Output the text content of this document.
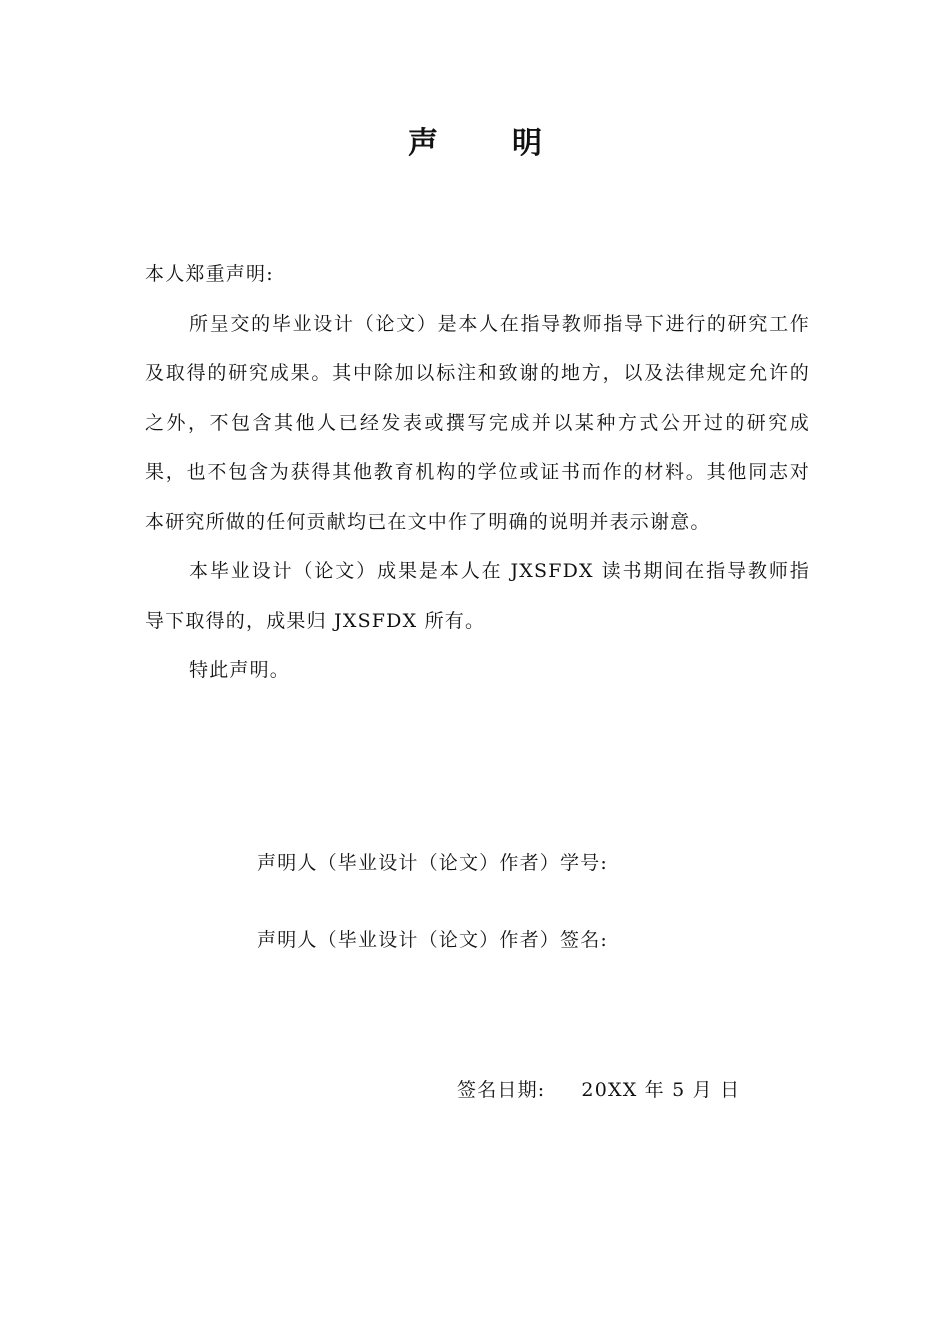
声 明

本人郑重声明:

所呈交的毕业设计（论文）是本人在指导教师指导下进行的研究工作及取得的研究成果。其中除加以标注和致谢的地方，以及法律规定允许的之外，不包含其他人已经发表或撰写完成并以某种方式公开过的研究成果，也不包含为获得其他教育机构的学位或证书而作的材料。其他同志对本研究所做的任何贡献均已在文中作了明确的说明并表示谢意。

本毕业设计（论文）成果是本人在 JXSFDX 读书期间在指导教师指导下取得的，成果归 JXSFDX 所有。

特此声明。

声明人（毕业设计（论文）作者）学号:
声明人（毕业设计（论文）作者）签名:
签名日期: 20XX 年 5 月 日
